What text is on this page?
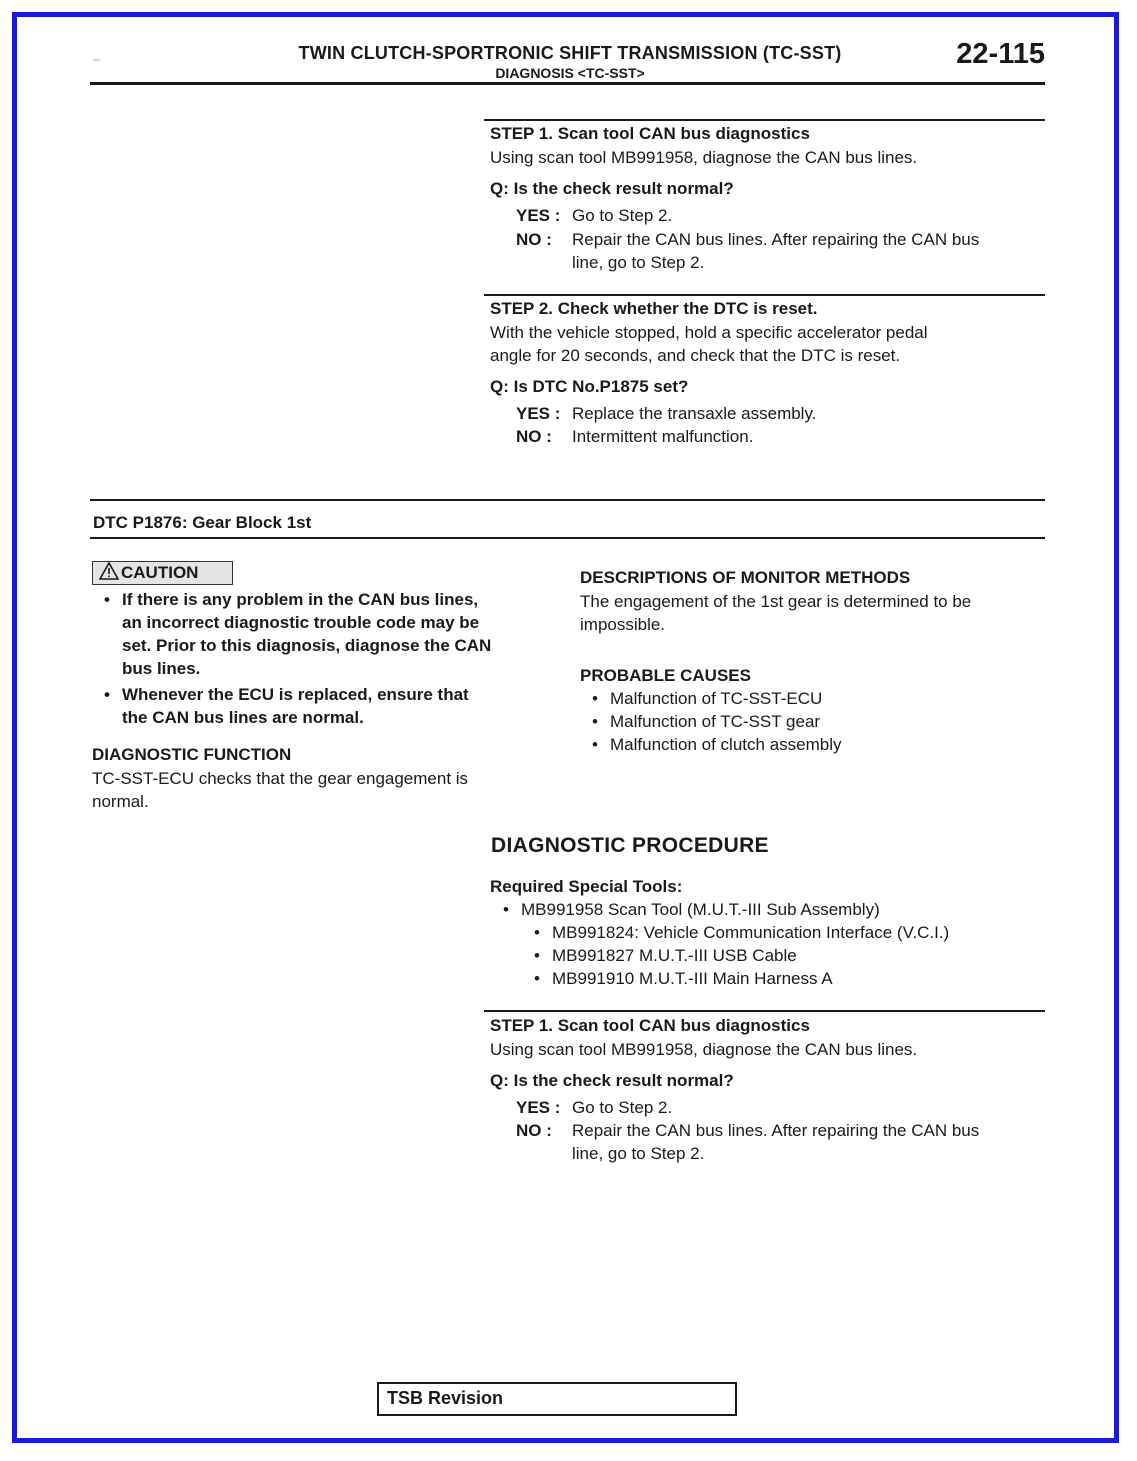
–	TWIN CLUTCH-SPORTRONIC SHIFT TRANSMISSION (TC-SST)
DIAGNOSIS <TC-SST>
22-115
STEP 1. Scan tool CAN bus diagnostics
Using scan tool MB991958, diagnose the CAN bus lines.
Q: Is the check result normal?
YES : Go to Step 2.
NO : Repair the CAN bus lines. After repairing the CAN bus
line, go to Step 2.
STEP 2. Check whether the DTC is reset.
With the vehicle stopped, hold a specific accelerator pedal
angle for 20 seconds, and check that the DTC is reset.
Q: Is DTC No.P1875 set?
YES : Replace the transaxle assembly.
NO : Intermittent malfunction.
DTC P1876: Gear Block 1st
CAUTION
• If there is any problem in the CAN bus lines,
an incorrect diagnostic trouble code may be
set. Prior to this diagnosis, diagnose the CAN
bus lines.
• Whenever the ECU is replaced, ensure that
the CAN bus lines are normal.
DIAGNOSTIC FUNCTION
TC-SST-ECU checks that the gear engagement is
normal.
DESCRIPTIONS OF MONITOR METHODS
The engagement of the 1st gear is determined to be
impossible.
PROBABLE CAUSES
• Malfunction of TC-SST-ECU
• Malfunction of TC-SST gear
• Malfunction of clutch assembly
DIAGNOSTIC PROCEDURE
Required Special Tools:
• MB991958 Scan Tool (M.U.T.-III Sub Assembly)
• MB991824: Vehicle Communication Interface (V.C.I.)
• MB991827 M.U.T.-III USB Cable
• MB991910 M.U.T.-III Main Harness A
STEP 1. Scan tool CAN bus diagnostics
Using scan tool MB991958, diagnose the CAN bus lines.
Q: Is the check result normal?
YES : Go to Step 2.
NO : Repair the CAN bus lines. After repairing the CAN bus
line, go to Step 2.
TSB Revision
